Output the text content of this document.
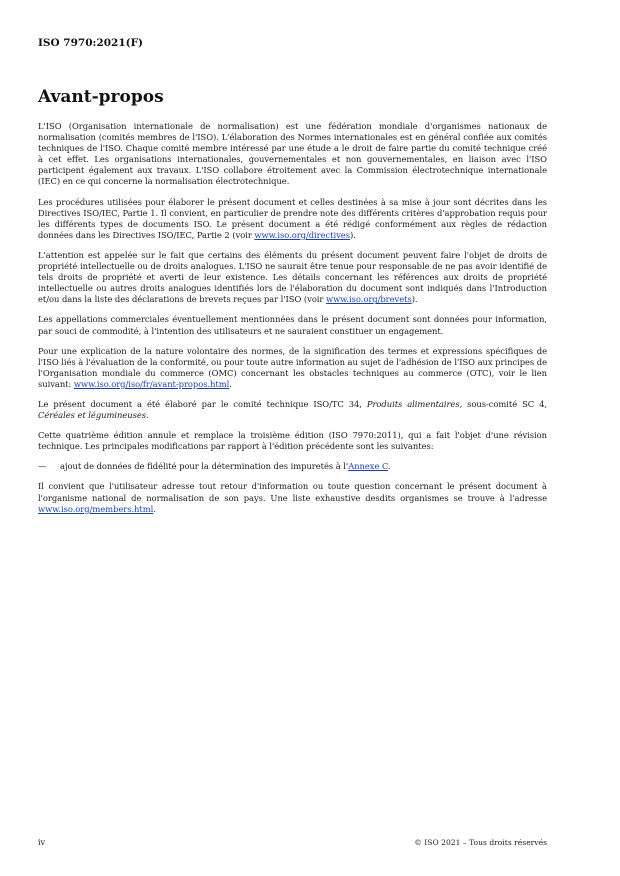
ISO 7970:2021(F)
Avant-propos

L'ISO (Organisation internationale de normalisation) est une fédération mondiale d'organismes nationaux de normalisation (comités membres de l'ISO). L'élaboration des Normes internationales est en général confiée aux comités techniques de l'ISO. Chaque comité membre intéressé par une étude a le droit de faire partie du comité technique créé à cet effet. Les organisations internationales, gouvernementales et non gouvernementales, en liaison avec l'ISO participent également aux travaux. L'ISO collabore étroitement avec la Commission électrotechnique internationale (IEC) en ce qui concerne la normalisation électrotechnique.

Les procédures utilisées pour élaborer le présent document et celles destinées à sa mise à jour sont décrites dans les Directives ISO/IEC, Partie 1. Il convient, en particulier de prendre note des différents critères d'approbation requis pour les différents types de documents ISO. Le présent document a été rédigé conformément aux règles de rédaction données dans les Directives ISO/IEC, Partie 2 (voir www.iso.org/directives).

L'attention est appelée sur le fait que certains des éléments du présent document peuvent faire l'objet de droits de propriété intellectuelle ou de droits analogues. L'ISO ne saurait être tenue pour responsable de ne pas avoir identifié de tels droits de propriété et averti de leur existence. Les détails concernant les références aux droits de propriété intellectuelle ou autres droits analogues identifiés lors de l'élaboration du document sont indiqués dans l'Introduction et/ou dans la liste des déclarations de brevets reçues par l'ISO (voir www.iso.org/brevets).

Les appellations commerciales éventuellement mentionnées dans le présent document sont données pour information, par souci de commodité, à l'intention des utilisateurs et ne sauraient constituer un engagement.

Pour une explication de la nature volontaire des normes, de la signification des termes et expressions spécifiques de l'ISO liés à l'évaluation de la conformité, ou pour toute autre information au sujet de l'adhésion de l'ISO aux principes de l'Organisation mondiale du commerce (OMC) concernant les obstacles techniques au commerce (OTC), voir le lien suivant: www.iso.org/iso/fr/avant-propos.html.

Le présent document a été élaboré par le comité technique ISO/TC 34, Produits alimentaires, sous-comité SC 4, Céréales et légumineuses.

Cette quatrième édition annule et remplace la troisième édition (ISO 7970:2011), qui a fait l'objet d'une révision technique. Les principales modifications par rapport à l'édition précédente sont les suivantes:

—	ajout de données de fidélité pour la détermination des impuretés à l'Annexe C.

Il convient que l'utilisateur adresse tout retour d'information ou toute question concernant le présent document à l'organisme national de normalisation de son pays. Une liste exhaustive desdits organismes se trouve à l'adresse www.iso.org/members.html.

iv	© ISO 2021 – Tous droits réservés
